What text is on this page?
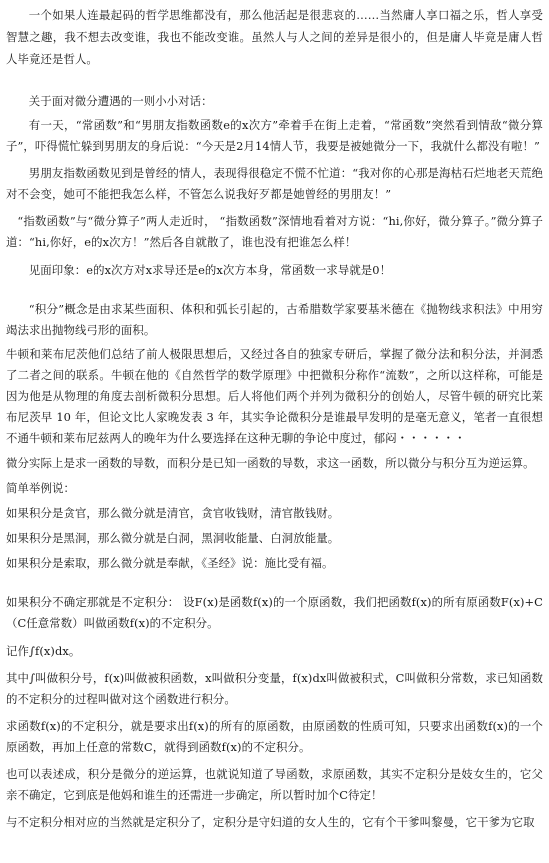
一个如果人连最起码的哲学思维都没有，那么他活起是很悲哀的……当然庸人享口福之乐，哲人享受智慧之趣，我不想去改变谁，我也不能改变谁。虽然人与人之间的差异是很小的，但是庸人毕竟是庸人哲人毕竟还是哲人。

关于面对微分遭遇的一则小小对话：

有一天，“常函数”和“男朋友指数函数e的x次方”牵着手在街上走着，“常函数”突然看到情敌“微分算子”，吓得慌忙躲到男朋友的身后说：“今天是2月14情人节，我要是被她微分一下，我就什么都没有啦！”

男朋友指数函数见到是曾经的情人，表现得很稳定不慌不忙道：“我对你的心那是海枯石烂地老天荒绝对不会变，她可不能把我怎么样，不管怎么说我好歹都是她曾经的男朋友！”

“指数函数”与“微分算子”两人走近时， “指数函数”深情地看着对方说：“hi,你好，微分算子。”微分算子道：“hi,你好，e的x次方！”然后各自就散了，谁也没有把谁怎么样！

见面印象：e的x次方对x求导还是e的x次方本身，常函数一求导就是0！

“积分”概念是由求某些面积、体积和弧长引起的，古希腊数学家要基米德在《抛物线求积法》中用穷竭法求出抛物线弓形的面积。

牛顿和莱布尼茨他们总结了前人极限思想后，又经过各自的独家专研后，掌握了微分法和积分法，并洞悉了二者之间的联系。牛顿在他的《自然哲学的数学原理》中把微积分称作“流数”，之所以这样称，可能是因为他是从物理的角度去剖析微积分思想。后人将他们两个并列为微积分的创始人，尽管牛顿的研究比莱布尼茨早 10 年，但论文比人家晚发表 3 年，其实争论微积分是谁最早发明的是毫无意义，笔者一直很想不通牛顿和莱布尼兹两人的晚年为什么要选择在这种无聊的争论中度过，郁闷・・・・・・

微分实际上是求一函数的导数，而积分是已知一函数的导数，求这一函数，所以微分与积分互为逆运算。

简单举例说：

如果积分是贪官，那么微分就是清官，贪官收钱财，清官散钱财。

如果积分是黑洞，那么微分就是白洞，黑洞收能量、白洞放能量。

如果积分是索取，那么微分就是奉献，《圣经》说：施比受有福。

如果积分不确定那就是不定积分： 设F(x)是函数f(x)的一个原函数，我们把函数f(x)的所有原函数F(x)+C（C任意常数）叫做函数f(x)的不定积分。

记作∫f(x)dx。

其中∫叫做积分号，f(x)叫做被积函数，x叫做积分变量，f(x)dx叫做被积式，C叫做积分常数，求已知函数的不定积分的过程叫做对这个函数进行积分。

求函数f(x)的不定积分，就是要求出f(x)的所有的原函数，由原函数的性质可知，只要求出函数f(x)的一个原函数，再加上任意的常数C，就得到函数f(x)的不定积分。

也可以表述成，积分是微分的逆运算，也就说知道了导函数，求原函数，其实不定积分是妓女生的，它父亲不确定，它到底是他妈和谁生的还需进一步确定，所以暂时加个C待定！

与不定积分相对应的当然就是定积分了，定积分是守妇道的女人生的，它有个干爹叫黎曼，它干爹为它取
